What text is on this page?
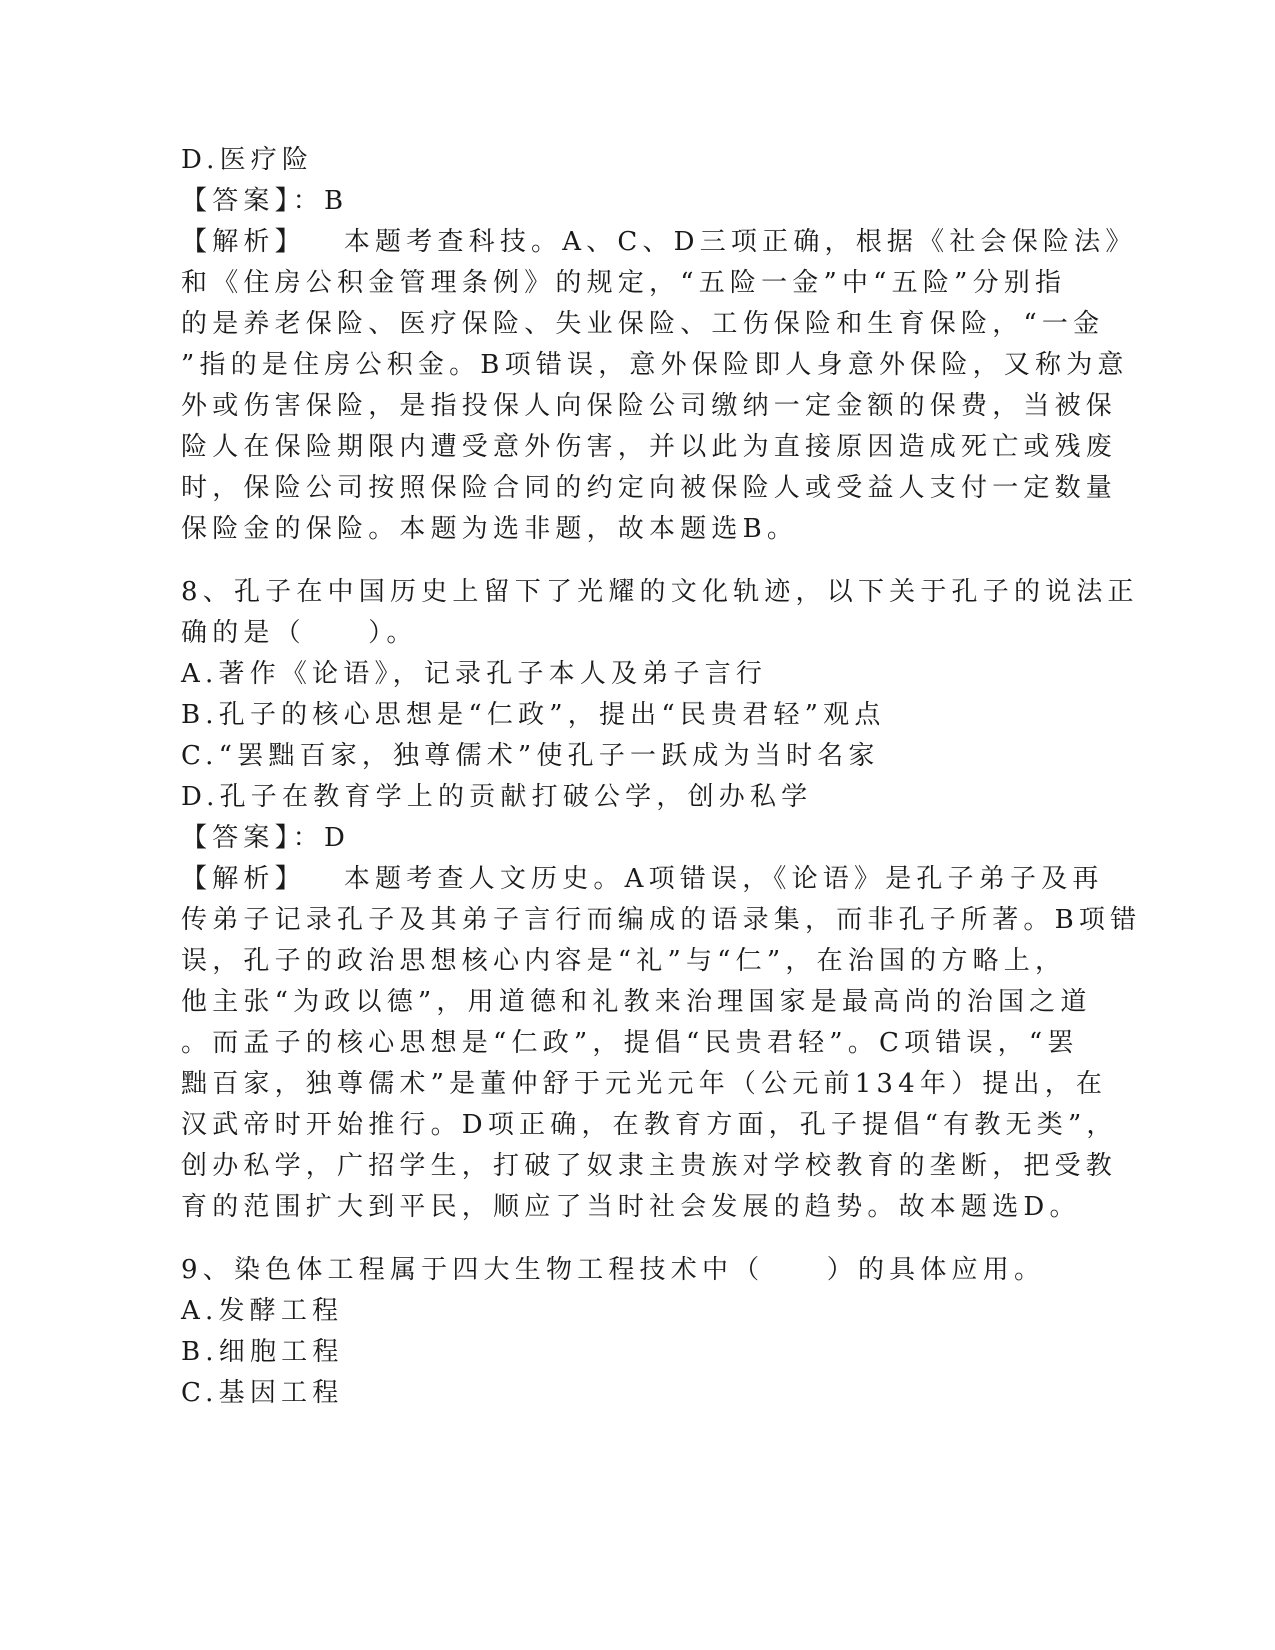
D.医疗险
【答案】：B
【解析】 本题考查科技。A、C、D三项正确，根据《社会保险法》
和《住房公积金管理条例》的规定，“五险一金”中“五险”分别指
的是养老保险、医疗保险、失业保险、工伤保险和生育保险，“一金
”指的是住房公积金。B项错误，意外保险即人身意外保险，又称为意
外或伤害保险，是指投保人向保险公司缴纳一定金额的保费，当被保
险人在保险期限内遭受意外伤害，并以此为直接原因造成死亡或残废
时，保险公司按照保险合同的约定向被保险人或受益人支付一定数量
保险金的保险。本题为选非题，故本题选B。
8、孔子在中国历史上留下了光耀的文化轨迹，以下关于孔子的说法正
确的是（　　）。
A.著作《论语》，记录孔子本人及弟子言行
B.孔子的核心思想是“仁政”，提出“民贵君轻”观点
C.“罢黜百家，独尊儒术”使孔子一跃成为当时名家
D.孔子在教育学上的贡献打破公学，创办私学
【答案】：D
【解析】 本题考查人文历史。A项错误，《论语》是孔子弟子及再
传弟子记录孔子及其弟子言行而编成的语录集，而非孔子所著。B项错
误，孔子的政治思想核心内容是“礼”与“仁”，在治国的方略上，
他主张“为政以德”，用道德和礼教来治理国家是最高尚的治国之道
。而孟子的核心思想是“仁政”，提倡“民贵君轻”。C项错误，“罢
黜百家，独尊儒术”是董仲舒于元光元年（公元前134年）提出，在
汉武帝时开始推行。D项正确，在教育方面，孔子提倡“有教无类”，
创办私学，广招学生，打破了奴隶主贵族对学校教育的垄断，把受教
育的范围扩大到平民，顺应了当时社会发展的趋势。故本题选D。
9、染色体工程属于四大生物工程技术中（　　）的具体应用。
A.发酵工程
B.细胞工程
C.基因工程
